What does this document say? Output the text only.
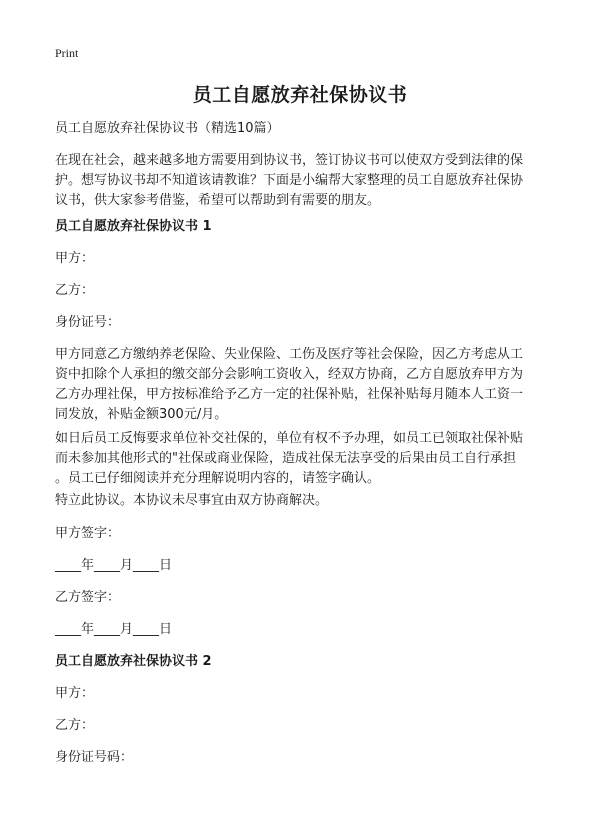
Print
员工自愿放弃社保协议书
员工自愿放弃社保协议书（精选10篇）
在现在社会，越来越多地方需要用到协议书，签订协议书可以使双方受到法律的保
护。想写协议书却不知道该请教谁？下面是小编帮大家整理的员工自愿放弃社保协
议书，供大家参考借鉴，希望可以帮助到有需要的朋友。
员工自愿放弃社保协议书 1
甲方：
乙方：
身份证号：
甲方同意乙方缴纳养老保险、失业保险、工伤及医疗等社会保险，因乙方考虑从工
资中扣除个人承担的缴交部分会影响工资收入，经双方协商，乙方自愿放弃甲方为
乙方办理社保，甲方按标准给予乙方一定的社保补贴，社保补贴每月随本人工资一
同发放，补贴金额300元/月。
如日后员工反悔要求单位补交社保的，单位有权不予办理，如员工已领取社保补贴
而未参加其他形式的"社保或商业保险，造成社保无法享受的后果由员工自行承担
。员工已仔细阅读并充分理解说明内容的，请签字确认。
特立此协议。本协议未尽事宜由双方协商解决。
甲方签字：
____年____月____日
乙方签字：
____年____月____日
员工自愿放弃社保协议书 2
甲方：
乙方：
身份证号码：
